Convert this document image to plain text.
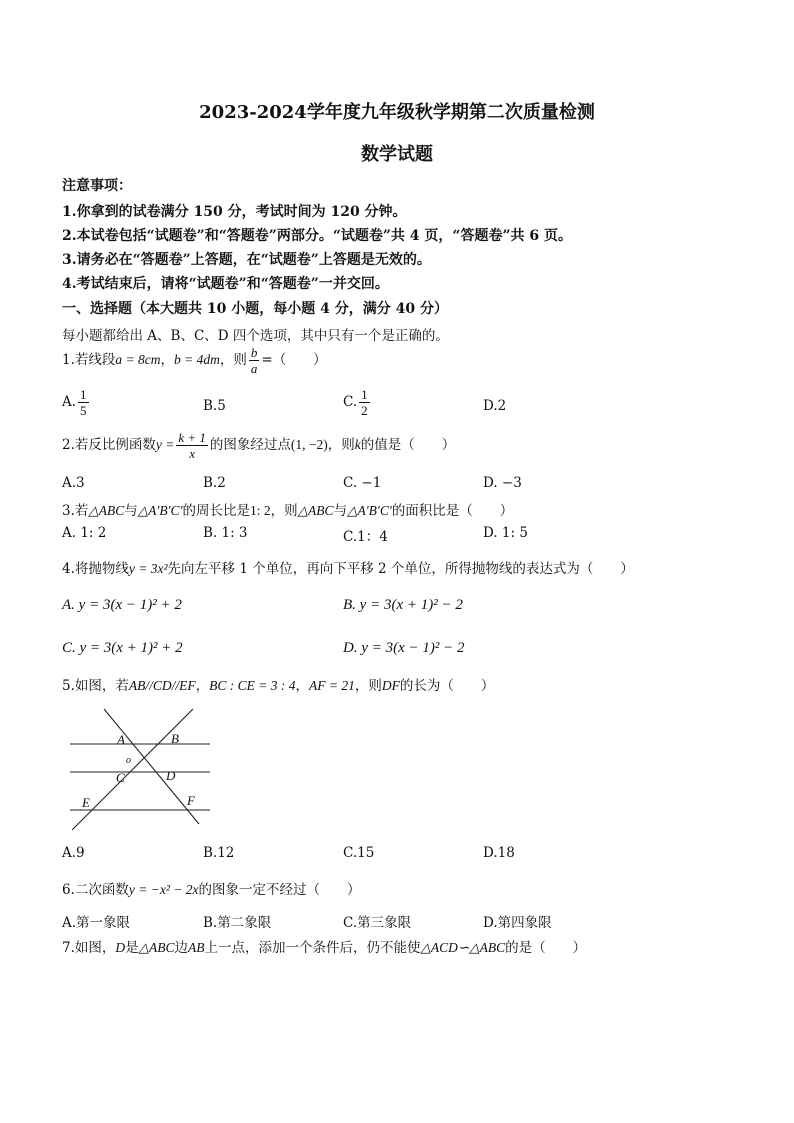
2023-2024学年度九年级秋学期第二次质量检测
数学试题
注意事项：
1.你拿到的试卷满分 150 分，考试时间为 120 分钟。
2.本试卷包括“试题卷”和“答题卷”两部分。“试题卷”共 4 页，“答题卷”共 6 页。
3.请务必在“答题卷”上答题，在“试题卷”上答题是无效的。
4.考试结束后，请将“试题卷”和“答题卷”一并交回。
一、选择题（本大题共 10 小题，每小题 4 分，满分 40 分）
每小题都给出 A、B、C、D 四个选项，其中只有一个是正确的。
1.若线段a = 8cm，b = 4dm，则 $\frac{b}{a}$ =（　　）
A. $\frac{1}{5}$	B.5	C. $\frac{1}{2}$	D.2
2.若反比例函数$y = \frac{k + 1}{x}$ 的图象经过点(1, −2)，则k的值是（　　）
A.3	B.2	C. −1	D. −3
3.若△ABC与△A′B′C′的周长比是1: 2，则△ABC与△A′B′C′的面积比是（　　）
A. 1: 2	B. 1: 3	C.1：4	D. 1: 5
4.将抛物线y = 3x²先向左平移 1 个单位，再向下平移 2 个单位，所得抛物线的表达式为（　　）
A. y = 3(x − 1)² + 2	B. y = 3(x + 1)² − 2
C. y = 3(x + 1)² + 2	D. y = 3(x − 1)² − 2
5.如图，若AB//CD//EF，BC : CE = 3 : 4，AF = 21，则DF的长为（　　）
A	B
C	D
E	F
o
A.9	B.12	C.15	D.18
6.二次函数y = −x² − 2x的图象一定不经过（　　）
A.第一象限	B.第二象限	C.第三象限	D.第四象限
7.如图，D是△ABC边AB上一点，添加一个条件后，仍不能使△ACD∽△ABC的是（　　）
